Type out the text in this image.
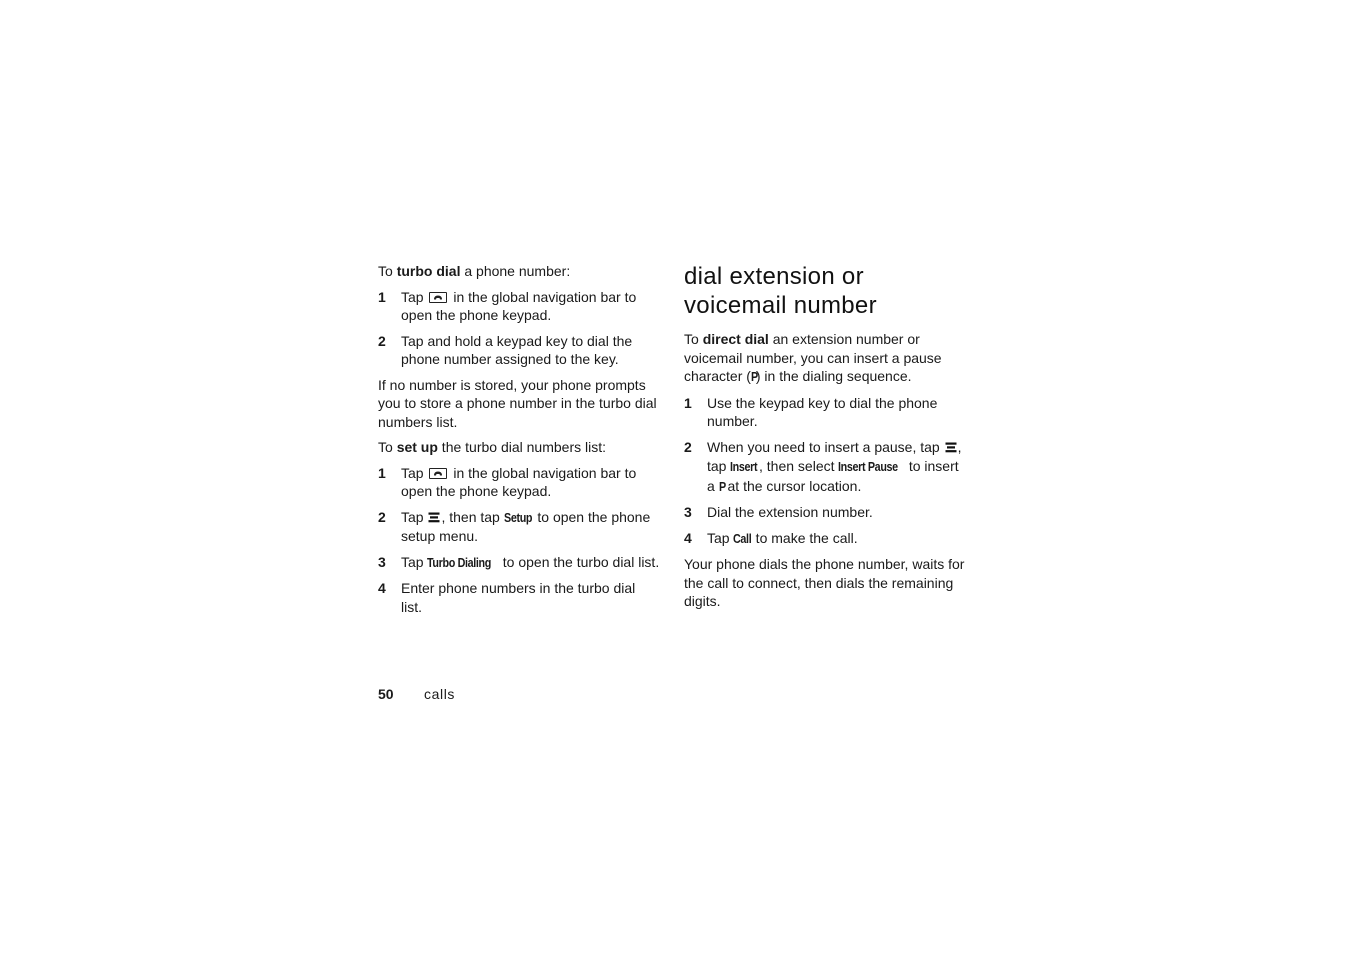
To turbo dial a phone number:

1	Tap
in the global navigation bar to open the phone keypad.
2	Tap and hold a keypad key to dial the phone number assigned to the key.

If no number is stored, your phone prompts you to store a phone number in the turbo dial numbers list.

To set up the turbo dial numbers list:

1	Tap
in the global navigation bar to open the phone keypad.
2	Tap , then tap Setup to open the phone setup menu.
3	Tap Turbo Dialing to open the turbo dial list.
4	Enter phone numbers in the turbo dial list.
dial extension or voicemail number

To direct dial an extension number or voicemail number, you can insert a pause character (P) in the dialing sequence.

1	Use the keypad key to dial the phone number.
2	When you need to insert a pause, tap , tap Insert, then select Insert Pause to insert a P at the cursor location.
3	Dial the extension number.
4	Tap Call to make the call.

Your phone dials the phone number, waits for the call to connect, then dials the remaining digits.

50 calls
